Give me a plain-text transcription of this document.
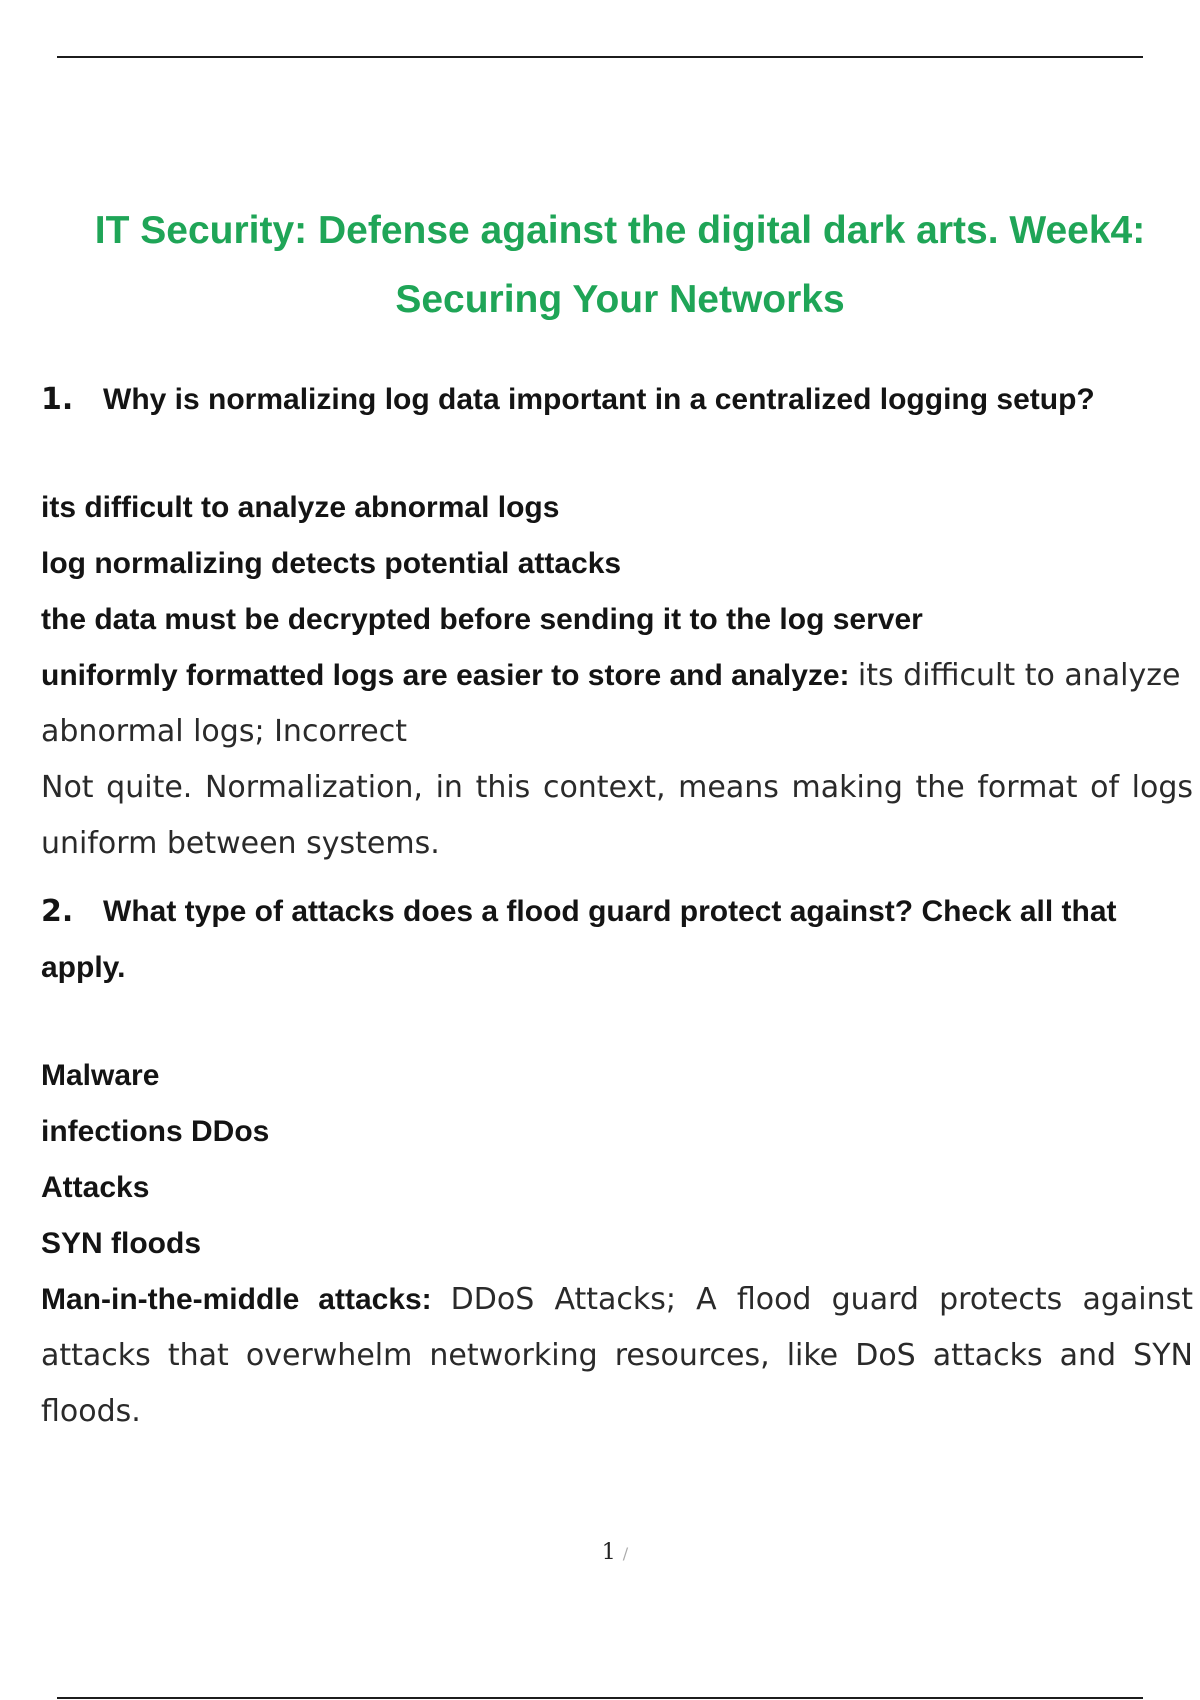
IT Security: Defense against the digital dark arts. Week4:
Securing Your Networks
1. Why is normalizing log data important in a centralized logging setup?
its difficult to analyze abnormal logs
log normalizing detects potential attacks
the data must be decrypted before sending it to the log server
uniformly formatted logs are easier to store and analyze: its difficult to analyze abnormal logs; Incorrect
Not quite. Normalization, in this context, means making the format of logs uniform between systems.
2. What type of attacks does a flood guard protect against? Check all that apply.
Malware
infections DDos
Attacks
SYN floods
Man-in-the-middle attacks: DDoS Attacks; A flood guard protects against attacks that overwhelm networking resources, like DoS attacks and SYN floods.
1 /
